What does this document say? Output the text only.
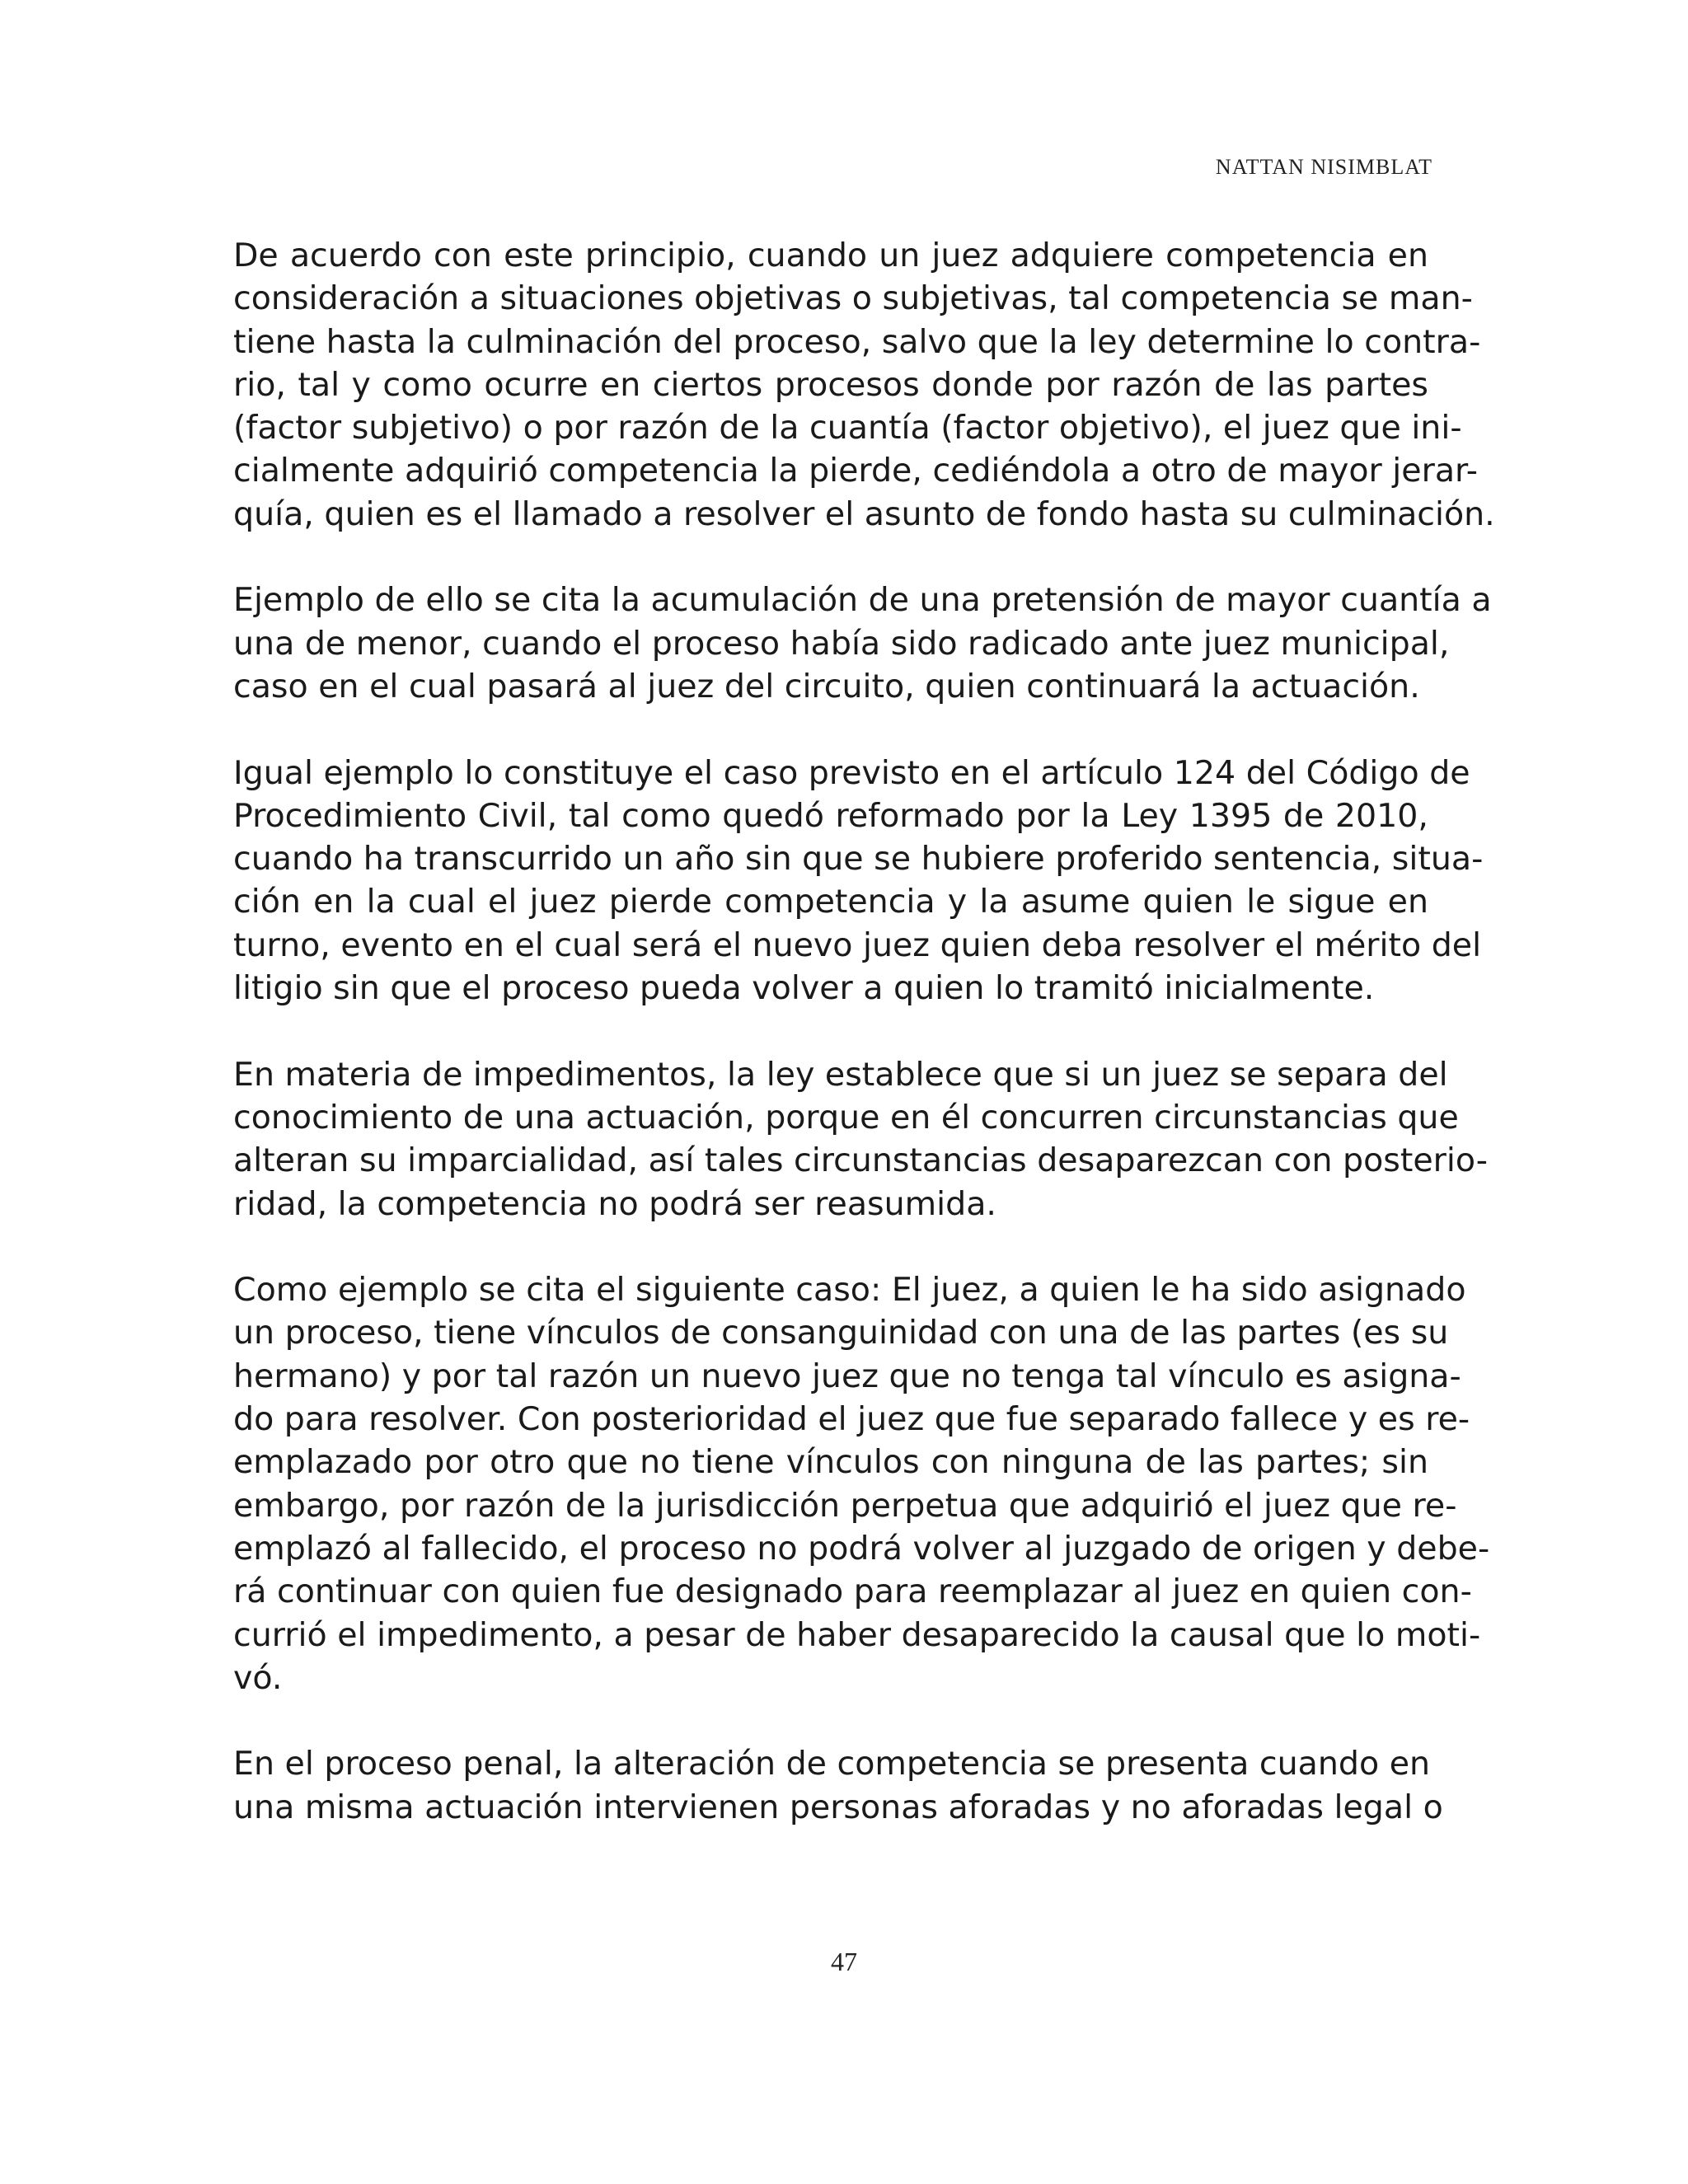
NATTAN NISIMBLAT
De acuerdo con este principio, cuando un juez adquiere competencia en
consideración a situaciones objetivas o subjetivas, tal competencia se man-
tiene hasta la culminación del proceso, salvo que la ley determine lo contra-
rio, tal y como ocurre en ciertos procesos donde por razón de las partes
(factor subjetivo) o por razón de la cuantía (factor objetivo), el juez que ini-
cialmente adquirió competencia la pierde, cediéndola a otro de mayor jerar-
quía, quien es el llamado a resolver el asunto de fondo hasta su culminación.
Ejemplo de ello se cita la acumulación de una pretensión de mayor cuantía a
una de menor, cuando el proceso había sido radicado ante juez municipal,
caso en el cual pasará al juez del circuito, quien continuará la actuación.
Igual ejemplo lo constituye el caso previsto en el artículo 124 del Código de
Procedimiento Civil, tal como quedó reformado por la Ley 1395 de 2010,
cuando ha transcurrido un año sin que se hubiere proferido sentencia, situa-
ción en la cual el juez pierde competencia y la asume quien le sigue en
turno, evento en el cual será el nuevo juez quien deba resolver el mérito del
litigio sin que el proceso pueda volver a quien lo tramitó inicialmente.
En materia de impedimentos, la ley establece que si un juez se separa del
conocimiento de una actuación, porque en él concurren circunstancias que
alteran su imparcialidad, así tales circunstancias desaparezcan con posterio-
ridad, la competencia no podrá ser reasumida.
Como ejemplo se cita el siguiente caso: El juez, a quien le ha sido asignado
un proceso, tiene vínculos de consanguinidad con una de las partes (es su
hermano) y por tal razón un nuevo juez que no tenga tal vínculo es asigna-
do para resolver. Con posterioridad el juez que fue separado fallece y es re-
emplazado por otro que no tiene vínculos con ninguna de las partes; sin
embargo, por razón de la jurisdicción perpetua que adquirió el juez que re-
emplazó al fallecido, el proceso no podrá volver al juzgado de origen y debe-
rá continuar con quien fue designado para reemplazar al juez en quien con-
currió el impedimento, a pesar de haber desaparecido la causal que lo moti-
vó.
En el proceso penal, la alteración de competencia se presenta cuando en
una misma actuación intervienen personas aforadas y no aforadas legal o
47
